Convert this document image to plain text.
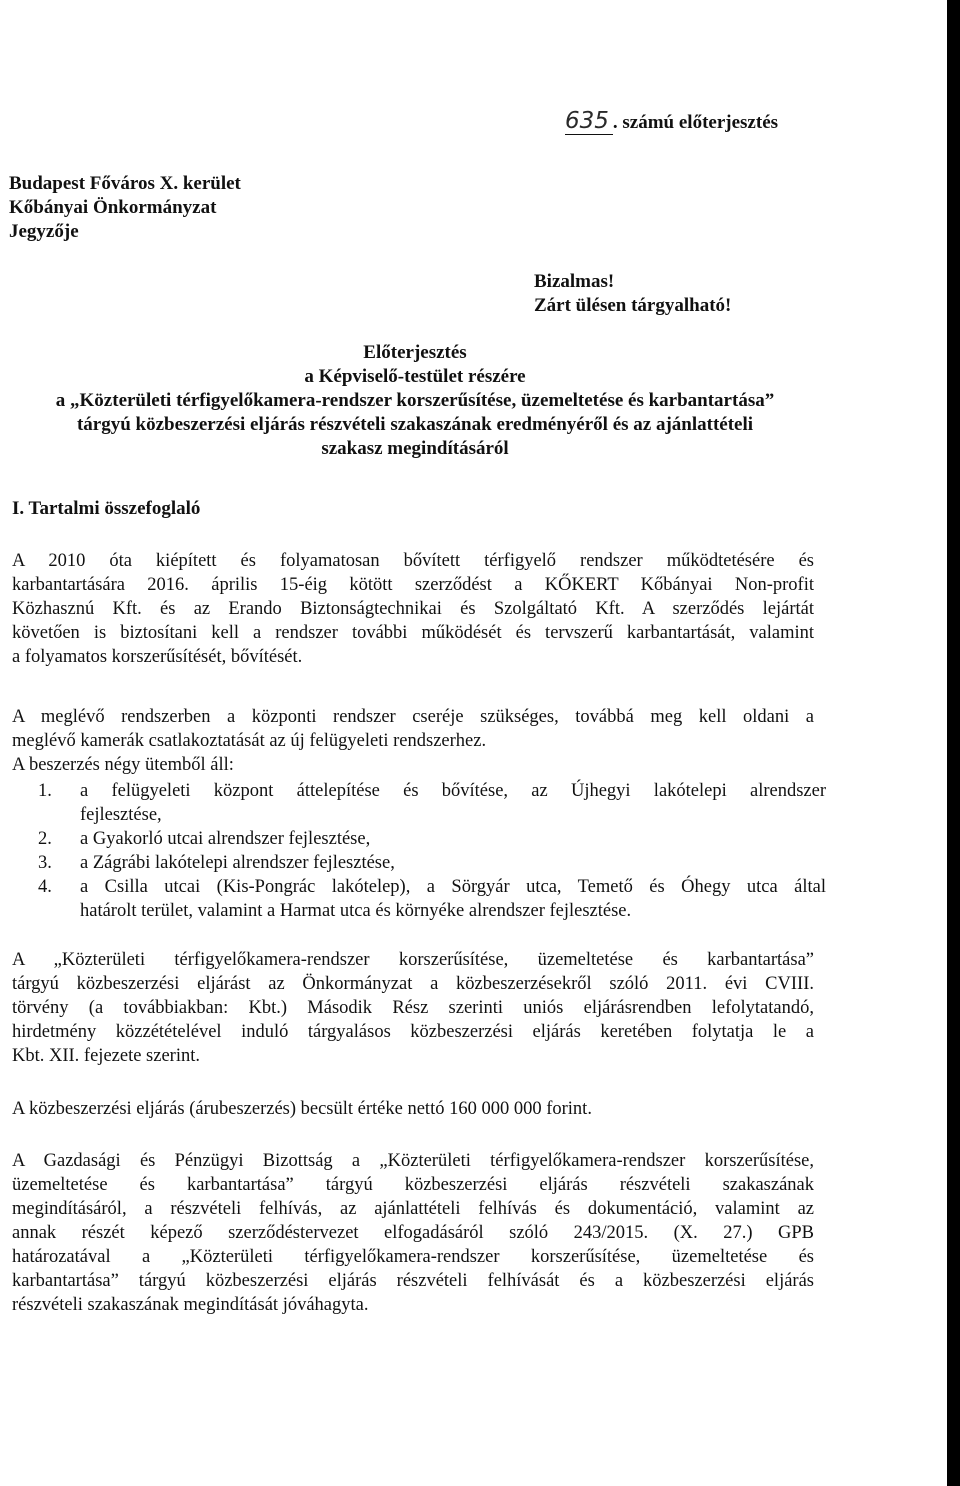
635 . számú előterjesztés
Budapest Főváros X. kerület
Kőbányai Önkormányzat
Jegyzője
Bizalmas!
Zárt ülésen tárgyalható!
Előterjesztés
a Képviselő-testület részére
a „Közterületi térfigyelőkamera-rendszer korszerűsítése, üzemeltetése és karbantartása”
tárgyú közbeszerzési eljárás részvételi szakaszának eredményéről és az ajánlattételi
szakasz megindításáról
I. Tartalmi összefoglaló
A 2010 óta kiépített és folyamatosan bővített térfigyelő rendszer működtetésére és
karbantartására 2016. április 15-éig kötött szerződést a KŐKERT Kőbányai Non-profit
Közhasznú Kft. és az Erando Biztonságtechnikai és Szolgáltató Kft. A szerződés lejártát
követően is biztosítani kell a rendszer további működését és tervszerű karbantartását, valamint
a folyamatos korszerűsítését, bővítését.
A meglévő rendszerben a központi rendszer cseréje szükséges, továbbá meg kell oldani a
meglévő kamerák csatlakoztatását az új felügyeleti rendszerhez.
A beszerzés négy ütemből áll:
1.	a felügyeleti központ áttelepítése és bővítése, az Újhegyi lakótelepi alrendszer
fejlesztése,
2.	a Gyakorló utcai alrendszer fejlesztése,
3.	a Zágrábi lakótelepi alrendszer fejlesztése,
4.	a Csilla utcai (Kis-Pongrác lakótelep), a Sörgyár utca, Temető és Óhegy utca által
határolt terület, valamint a Harmat utca és környéke alrendszer fejlesztése.
A „Közterületi térfigyelőkamera-rendszer korszerűsítése, üzemeltetése és karbantartása”
tárgyú közbeszerzési eljárást az Önkormányzat a közbeszerzésekről szóló 2011. évi CVIII.
törvény (a továbbiakban: Kbt.) Második Rész szerinti uniós eljárásrendben lefolytatandó,
hirdetmény közzétételével induló tárgyalásos közbeszerzési eljárás keretében folytatja le a
Kbt. XII. fejezete szerint.
A közbeszerzési eljárás (árubeszerzés) becsült értéke nettó 160 000 000 forint.
A Gazdasági és Pénzügyi Bizottság a „Közterületi térfigyelőkamera-rendszer korszerűsítése,
üzemeltetése és karbantartása” tárgyú közbeszerzési eljárás részvételi szakaszának
megindításáról, a részvételi felhívás, az ajánlattételi felhívás és dokumentáció, valamint az
annak részét képező szerződéstervezet elfogadásáról szóló 243/2015. (X. 27.) GPB
határozatával a „Közterületi térfigyelőkamera-rendszer korszerűsítése, üzemeltetése és
karbantartása” tárgyú közbeszerzési eljárás részvételi felhívását és a közbeszerzési eljárás
részvételi szakaszának megindítását jóváhagyta.
